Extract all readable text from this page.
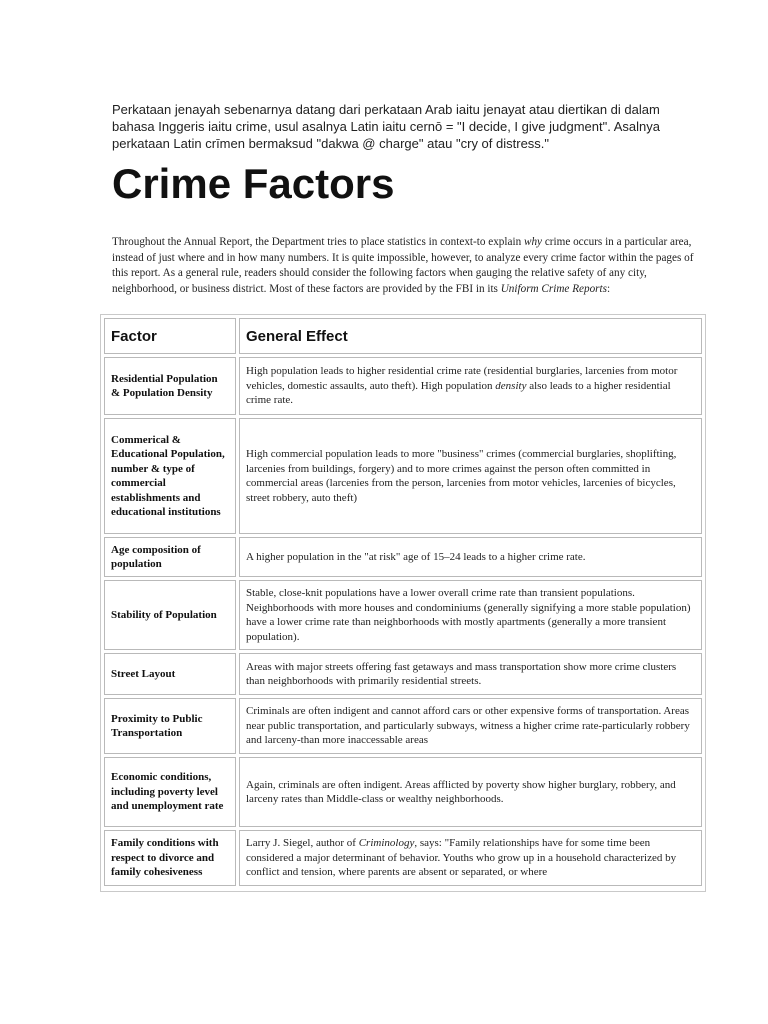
Perkataan jenayah sebenarnya datang dari perkataan Arab iaitu jenayat atau diertikan di dalam bahasa Inggeris iaitu crime, usul asalnya Latin iaitu cernō = "I decide, I give judgment". Asalnya perkataan Latin crīmen bermaksud "dakwa @ charge" atau "cry of distress."

Crime Factors

Throughout the Annual Report, the Department tries to place statistics in context-to explain why crime occurs in a particular area, instead of just where and in how many numbers. It is quite impossible, however, to analyze every crime factor within the pages of this report. As a general rule, readers should consider the following factors when gauging the relative safety of any city, neighborhood, or business district. Most of these factors are provided by the FBI in its Uniform Crime Reports:

Factor	General Effect
Residential Population & Population Density	High population leads to higher residential crime rate (residential burglaries, larcenies from motor vehicles, domestic assaults, auto theft). High population density also leads to a higher residential crime rate.
Commerical & Educational Population, number & type of commercial establishments and educational institutions	High commercial population leads to more "business" crimes (commercial burglaries, shoplifting, larcenies from buildings, forgery) and to more crimes against the person often committed in commercial areas (larcenies from the person, larcenies from motor vehicles, larcenies of bicycles, street robbery, auto theft)
Age composition of population	A higher population in the "at risk" age of 15–24 leads to a higher crime rate.
Stability of Population	Stable, close-knit populations have a lower overall crime rate than transient populations. Neighborhoods with more houses and condominiums (generally signifying a more stable population) have a lower crime rate than neighborhoods with mostly apartments (generally a more transient population).
Street Layout	Areas with major streets offering fast getaways and mass transportation show more crime clusters than neighborhoods with primarily residential streets.
Proximity to Public Transportation	Criminals are often indigent and cannot afford cars or other expensive forms of transportation. Areas near public transportation, and particularly subways, witness a higher crime rate-particularly robbery and larceny-than more inaccessable areas
Economic conditions, including poverty level and unemployment rate	Again, criminals are often indigent. Areas afflicted by poverty show higher burglary, robbery, and larceny rates than Middle-class or wealthy neighborhoods.
Family conditions with respect to divorce and family cohesiveness	Larry J. Siegel, author of Criminology, says: "Family relationships have for some time been considered a major determinant of behavior. Youths who grow up in a household characterized by conflict and tension, where parents are absent or separated, or where
